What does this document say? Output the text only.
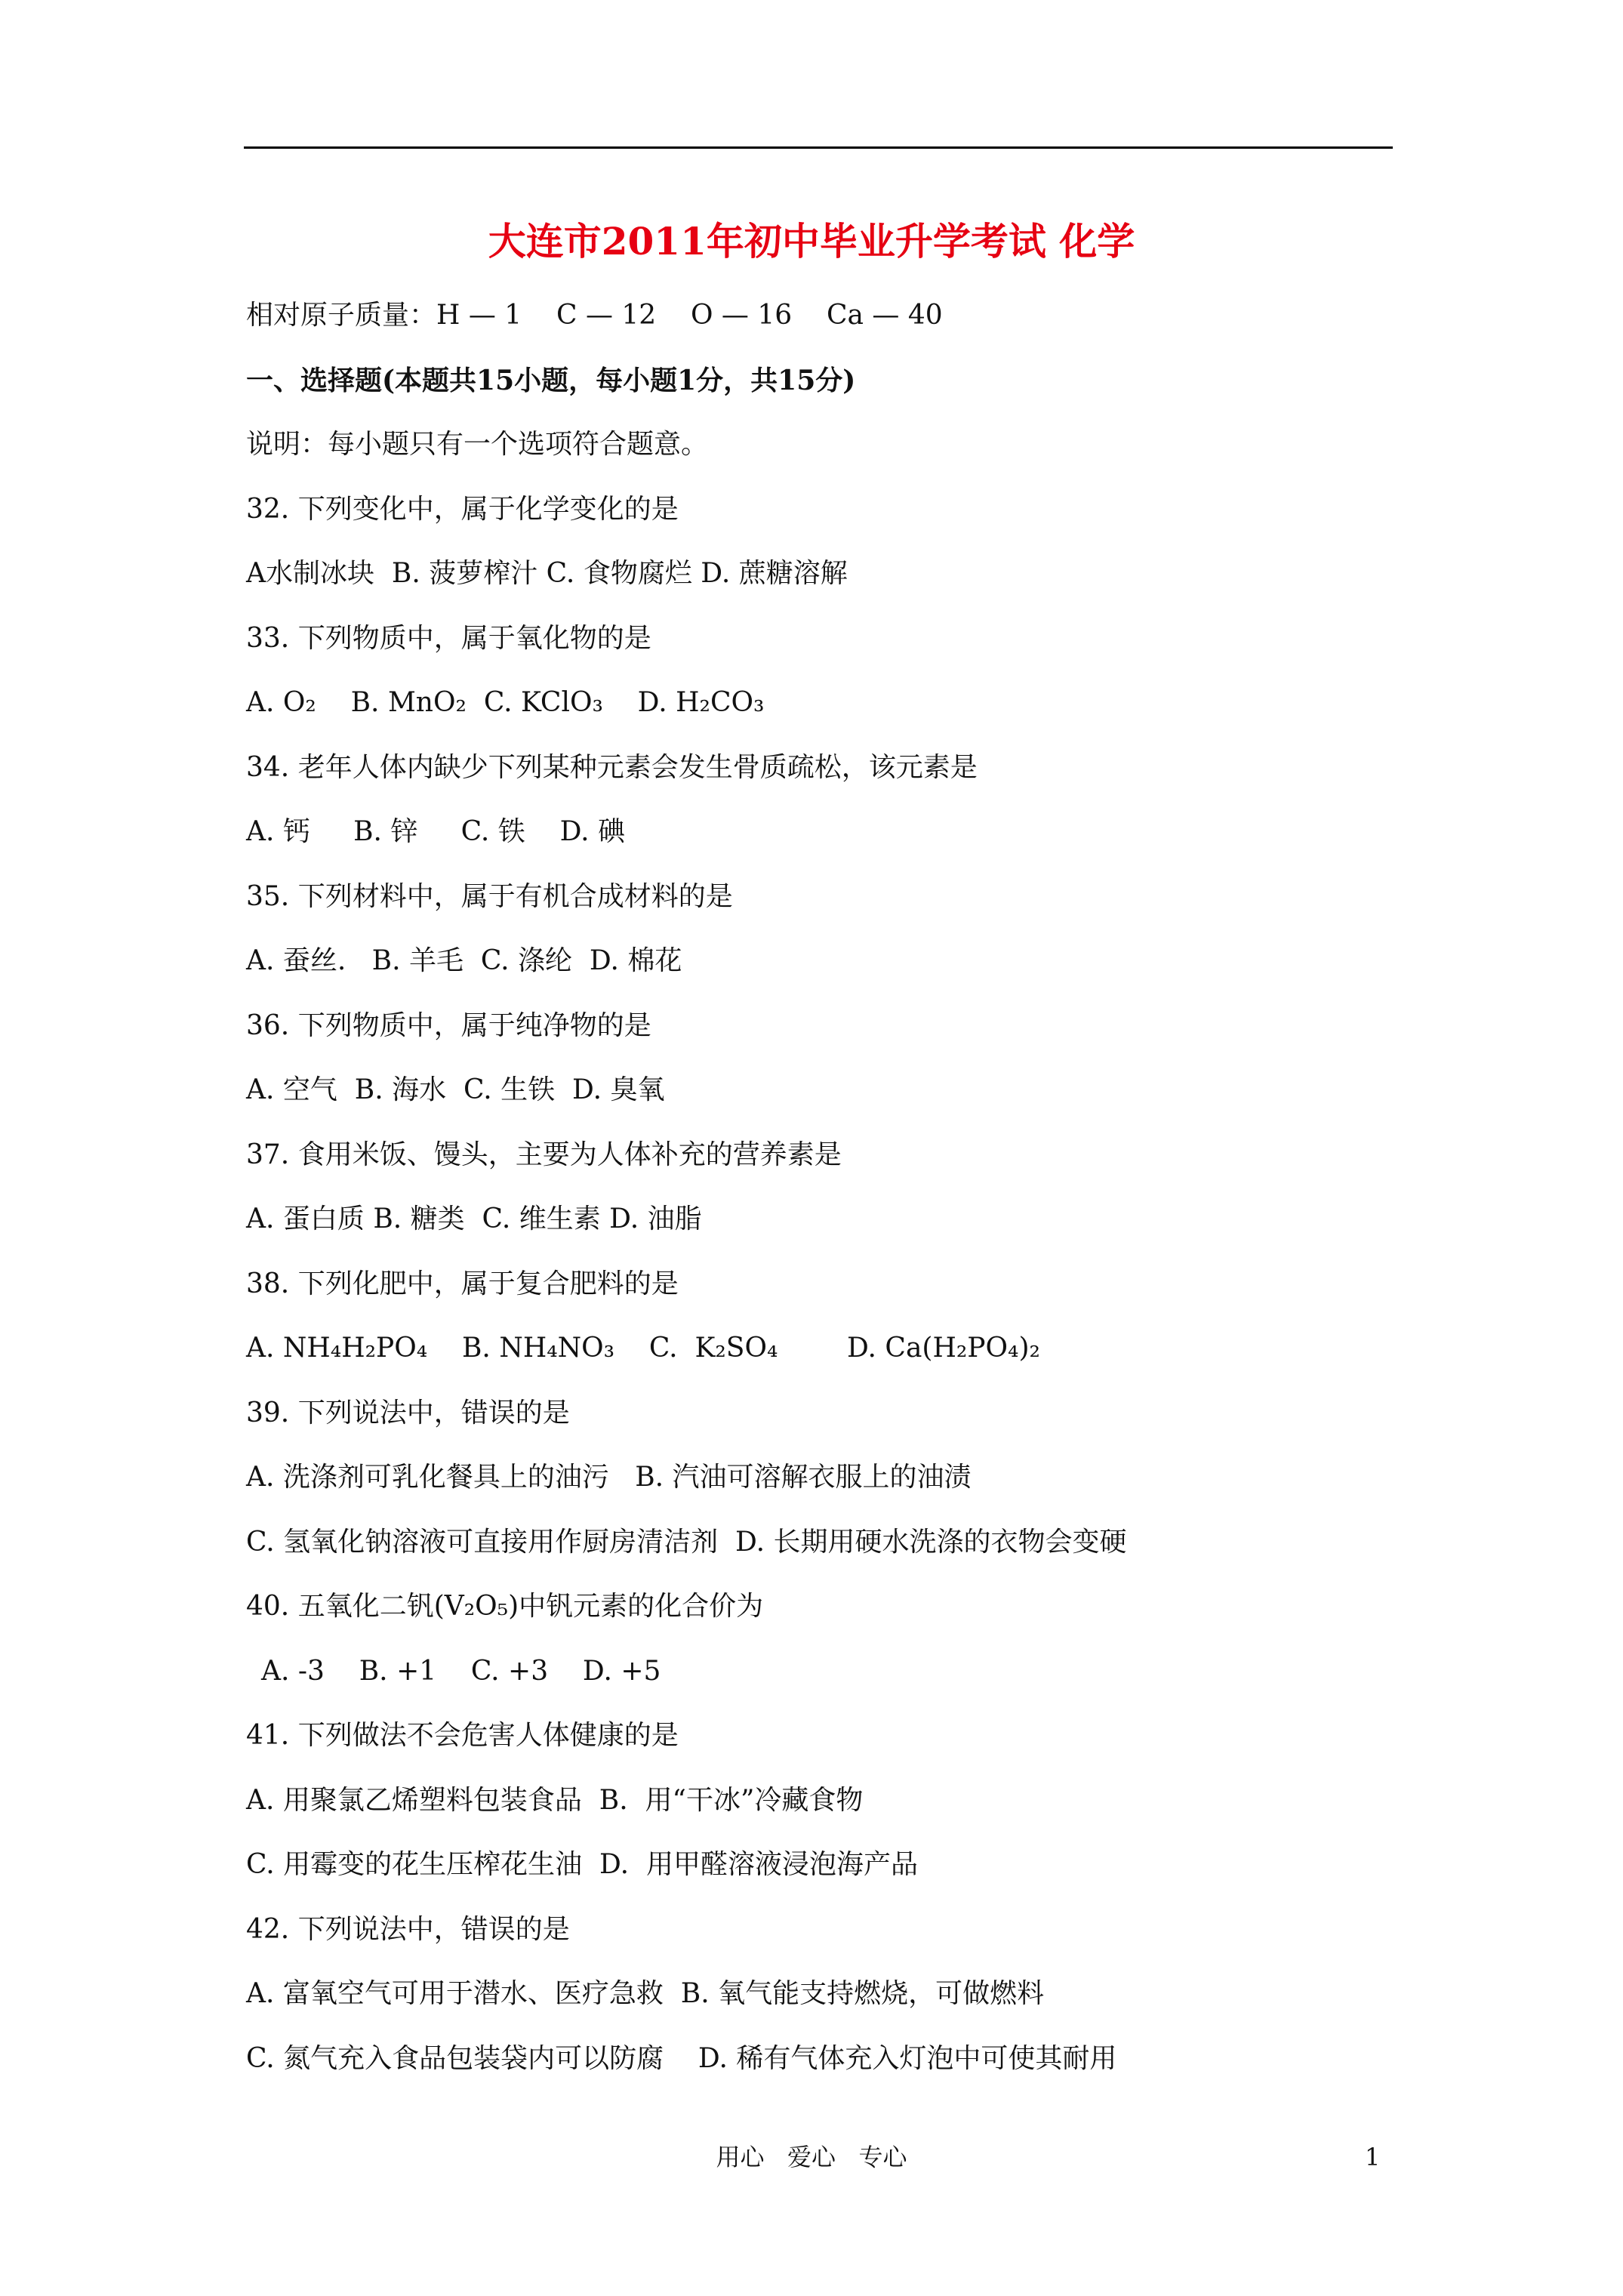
大连市2011年初中毕业升学考试 化学
相对原子质量：H — 1    C — 12    O — 16    Ca — 40
一、选择题(本题共15小题，每小题1分，共15分)
说明：每小题只有一个选项符合题意。
32. 下列变化中，属于化学变化的是
A水制冰块  B. 菠萝榨汁 C. 食物腐烂 D. 蔗糖溶解
33. 下列物质中，属于氧化物的是
A. O₂    B. MnO₂  C. KClO₃    D. H₂CO₃
34. 老年人体内缺少下列某种元素会发生骨质疏松，该元素是
A. 钙     B. 锌     C. 铁    D. 碘
35. 下列材料中，属于有机合成材料的是
A. 蚕丝.   B. 羊毛  C. 涤纶  D. 棉花
36. 下列物质中，属于纯净物的是
A. 空气  B. 海水  C. 生铁  D. 臭氧
37. 食用米饭、馒头，主要为人体补充的营养素是
A. 蛋白质 B. 糖类  C. 维生素 D. 油脂
38. 下列化肥中，属于复合肥料的是
A. NH₄H₂PO₄    B. NH₄NO₃    C.  K₂SO₄        D. Ca(H₂PO₄)₂
39. 下列说法中，错误的是
A. 洗涤剂可乳化餐具上的油污   B. 汽油可溶解衣服上的油渍
C. 氢氧化钠溶液可直接用作厨房清洁剂  D. 长期用硬水洗涤的衣物会变硬
40. 五氧化二钒(V₂O₅)中钒元素的化合价为
A. -3    B. +1    C. +3    D. +5
41. 下列做法不会危害人体健康的是
A. 用聚氯乙烯塑料包装食品  B.  用“干冰”冷藏食物
C. 用霉变的花生压榨花生油  D.  用甲醛溶液浸泡海产品
42. 下列说法中，错误的是
A. 富氧空气可用于潜水、医疗急救  B. 氧气能支持燃烧，可做燃料
C. 氮气充入食品包装袋内可以防腐    D. 稀有气体充入灯泡中可使其耐用
用心   爱心   专心	1
